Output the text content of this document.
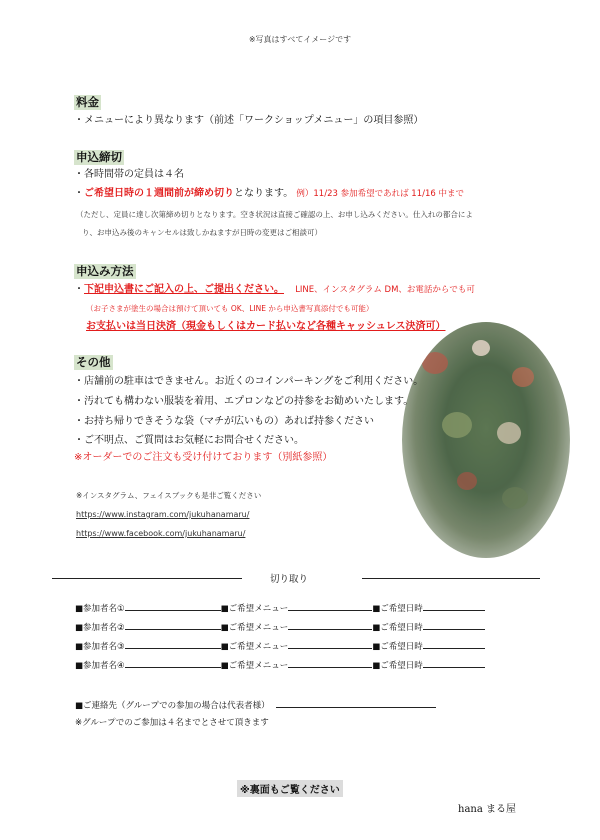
※写真はすべてイメージです
料金
・メニューにより異なります（前述「ワークショップメニュー」の項目参照）
申込締切
・各時間帯の定員は４名
・ご希望日時の１週間前が締め切りとなります。 例）11/23 参加希望であれば 11/16 中まで
（ただし、定員に達し次第締め切りとなります。空き状況は直接ご確認の上、お申し込みください。仕入れの都合によ
り、お申込み後のキャンセルは致しかねますが日時の変更はご相談可）
申込み方法
・下記申込書にご記入の上、ご提出ください。 LINE、インスタグラム DM、お電話からでも可
（お子さまが塗生の場合は預けて頂いても OK、LINE から申込書写真添付でも可能）
お支払いは当日決済（現金もしくはカード払いなど各種キャッシュレス決済可）
その他
・店舗前の駐車はできません。お近くのコインパーキングをご利用ください。
・汚れても構わない服装を着用、エプロンなどの持参をお勧めいたします。
・お持ち帰りできそうな袋（マチが広いもの）あれば持参ください
・ご不明点、ご質問はお気軽にお問合せください。
※オーダーでのご注文も受け付けております（別紙参照）
※インスタグラム、フェイスブックも是非ご覧ください
https://www.instagram.com/jukuhanamaru/
https://www.facebook.com/jukuhanamaru/
切り取り
■参加者名①	■ご希望メニュー	■ご希望日時
■参加者名②	■ご希望メニュー	■ご希望日時
■参加者名③	■ご希望メニュー	■ご希望日時
■参加者名④	■ご希望メニュー	■ご希望日時
■ご連絡先（グループでの参加の場合は代表者様）
※グループでのご参加は４名までとさせて頂きます
※裏面もご覧ください
hana まる屋
